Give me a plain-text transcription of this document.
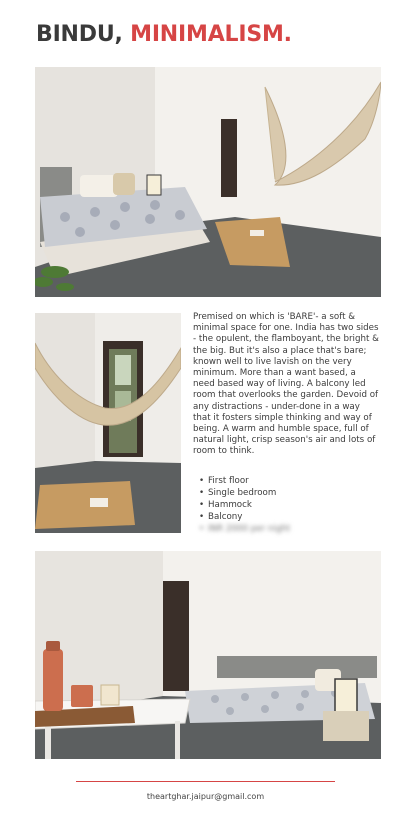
BINDU, MINIMALISM.

Premised on which is 'BARE'- a soft & minimal space for one. India has two sides - the opulent, the flamboyant, the bright & the big. But it's also a place that's bare; known well to live lavish on the very minimum. More than a want based, a need based way of living. A balcony led room that overlooks the garden. Devoid of any distractions - under-done in a way that it fosters simple thinking and way of being. A warm and humble space, full of natural light, crisp season's air and lots of room to think.

• First floor
• Single bedroom
• Hammock
• Balcony
• INR 2000 per night
theartghar.jaipur@gmail.com
